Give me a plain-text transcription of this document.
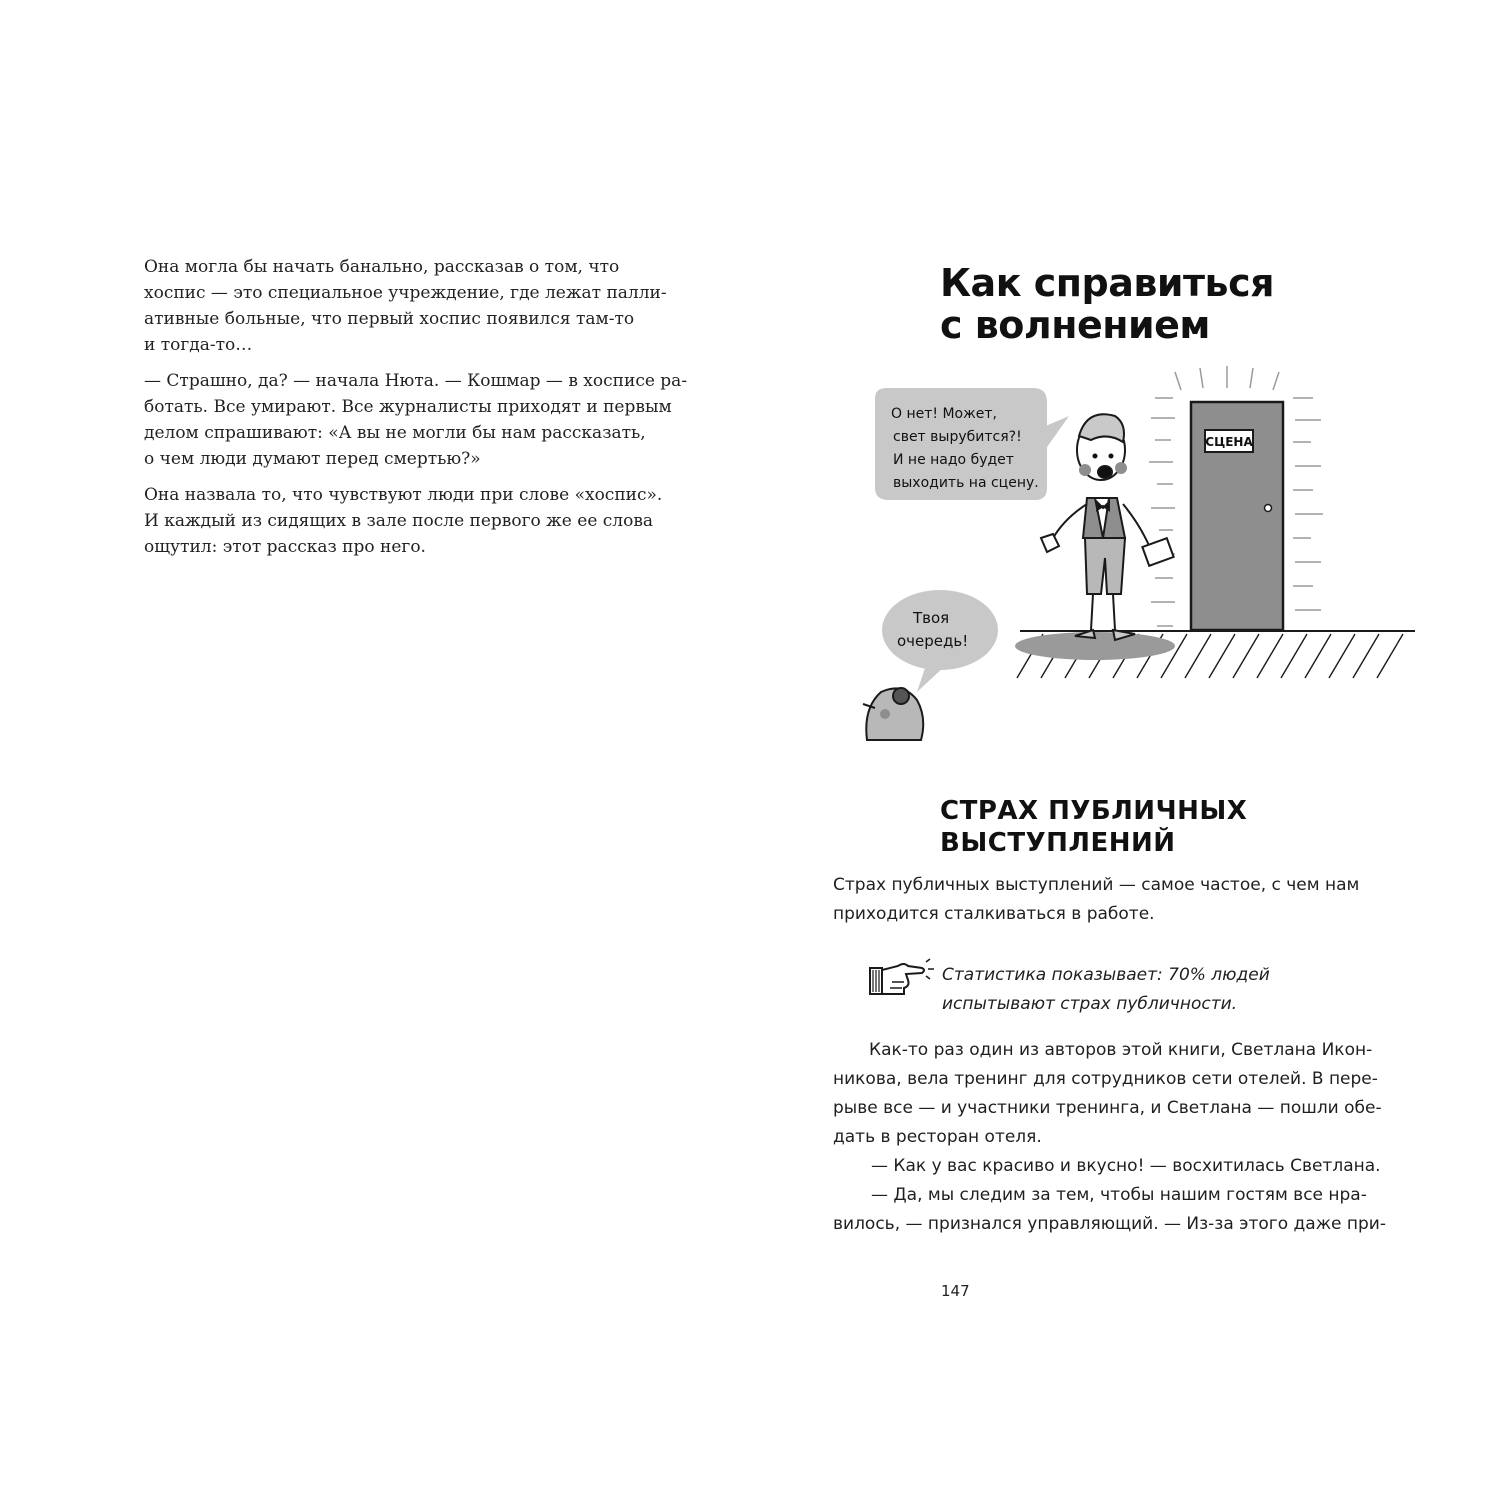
Она могла бы начать банально, рассказав о том, что
хоспис — это специальное учреждение, где лежат палли-
ативные больные, что первый хоспис появился там-то
и тогда-то…

— Страшно, да? — начала Нюта. — Кошмар — в хосписе ра-
ботать. Все умирают. Все журналисты приходят и первым
делом спрашивают: «А вы не могли бы нам рассказать,
о чем люди думают перед смертью?»

Она назвала то, что чувствуют люди при слове «хоспис».
И каждый из сидящих в зале после первого же ее слова
ощутил: этот рассказ про него.

Как справиться
с волнением
СЦЕНА
О нет! Может, свет вырубится?! И не надо будет выходить на сцену.
Твоя очередь!
СТРАХ ПУБЛИЧНЫХ
ВЫСТУПЛЕНИЙ
Страх публичных выступлений — самое частое, с чем нам
приходится сталкиваться в работе.
Статистика показывает: 70% людей
испытывают страх публичности.
Как-то раз один из авторов этой книги, Светлана Икон-
никова, вела тренинг для сотрудников сети отелей. В пере-
рыве все — и участники тренинга, и Светлана — пошли обе-
дать в ресторан отеля.
— Как у вас красиво и вкусно! — восхитилась Светлана.
— Да, мы следим за тем, чтобы нашим гостям все нра-
вилось, — признался управляющий. — Из-за этого даже при-
147
